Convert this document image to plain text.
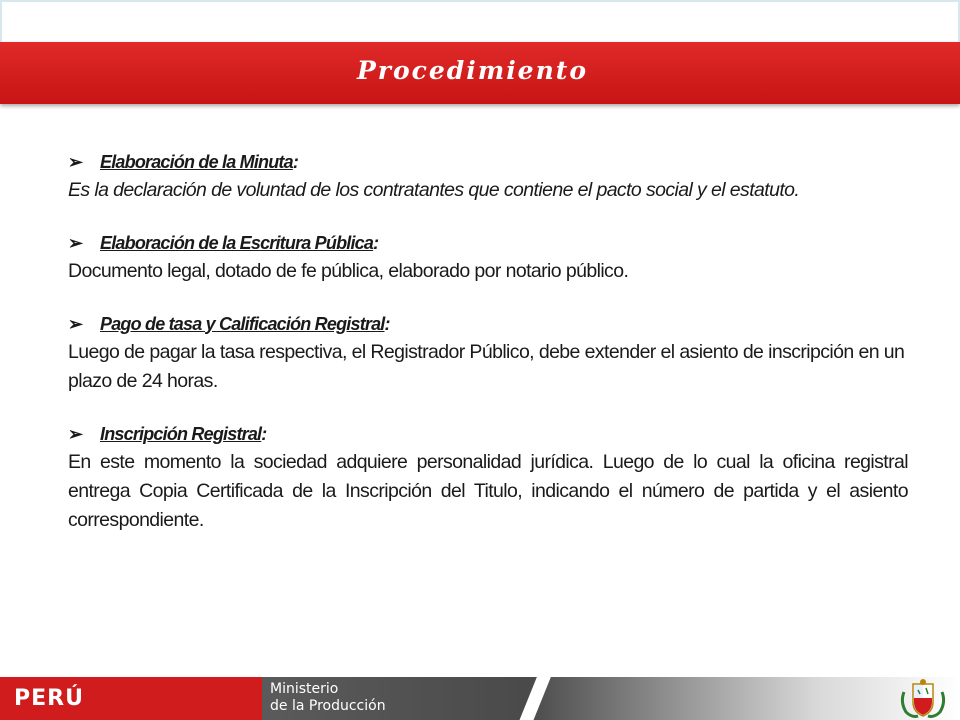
Procedimiento
➢ Elaboración de la Minuta :
Es la declaración de voluntad de los contratantes que contiene el pacto social y el estatuto.
➢ Elaboración de la Escritura Pública :
Documento legal, dotado de fe pública, elaborado por notario público.
➢ Pago de tasa y Calificación Registral :
Luego de pagar la tasa respectiva, el Registrador Público, debe extender el asiento de inscripción en un plazo de 24 horas.
➢ Inscripción Registral :
En este momento la sociedad adquiere personalidad jurídica. Luego de lo cual la oficina registral entrega Copia Certificada de la Inscripción del Titulo, indicando el número de partida y el asiento correspondiente.
PERÚ	Ministerio
de la Producción
